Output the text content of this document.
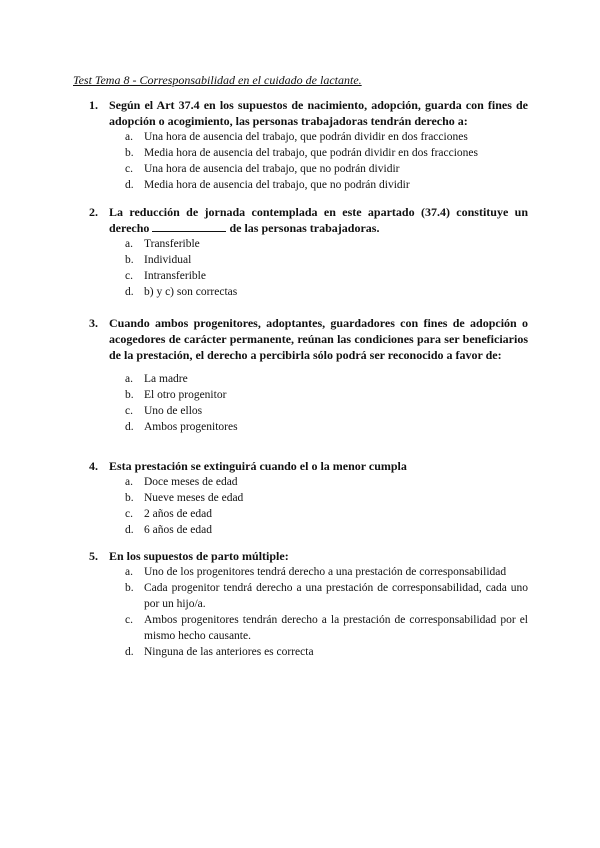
Test Tema 8 - Corresponsabilidad en el cuidado de lactante.
1. Según el Art 37.4 en los supuestos de nacimiento, adopción, guarda con fines de adopción o acogimiento, las personas trabajadoras tendrán derecho a:
a. Una hora de ausencia del trabajo, que podrán dividir en dos fracciones
b. Media hora de ausencia del trabajo, que podrán dividir en dos fracciones
c. Una hora de ausencia del trabajo, que no podrán dividir
d. Media hora de ausencia del trabajo, que no podrán dividir
2. La reducción de jornada contemplada en este apartado (37.4) constituye un derecho	de las personas trabajadoras.
a. Transferible
b. Individual
c. Intransferible
d. b) y c) son correctas
3. Cuando ambos progenitores, adoptantes, guardadores con fines de adopción o acogedores de carácter permanente, reúnan las condiciones para ser beneficiarios de la prestación, el derecho a percibirla sólo podrá ser reconocido a favor de:
a. La madre
b. El otro progenitor
c. Uno de ellos
d. Ambos progenitores
4. Esta prestación se extinguirá cuando el o la menor cumpla
a. Doce meses de edad
b. Nueve meses de edad
c. 2 años de edad
d. 6 años de edad
5. En los supuestos de parto múltiple:
a. Uno de los progenitores tendrá derecho a una prestación de corresponsabilidad
b. Cada progenitor tendrá derecho a una prestación de corresponsabilidad, cada uno por un hijo/a.
c. Ambos progenitores tendrán derecho a la prestación de corresponsabilidad por el mismo hecho causante.
d. Ninguna de las anteriores es correcta
